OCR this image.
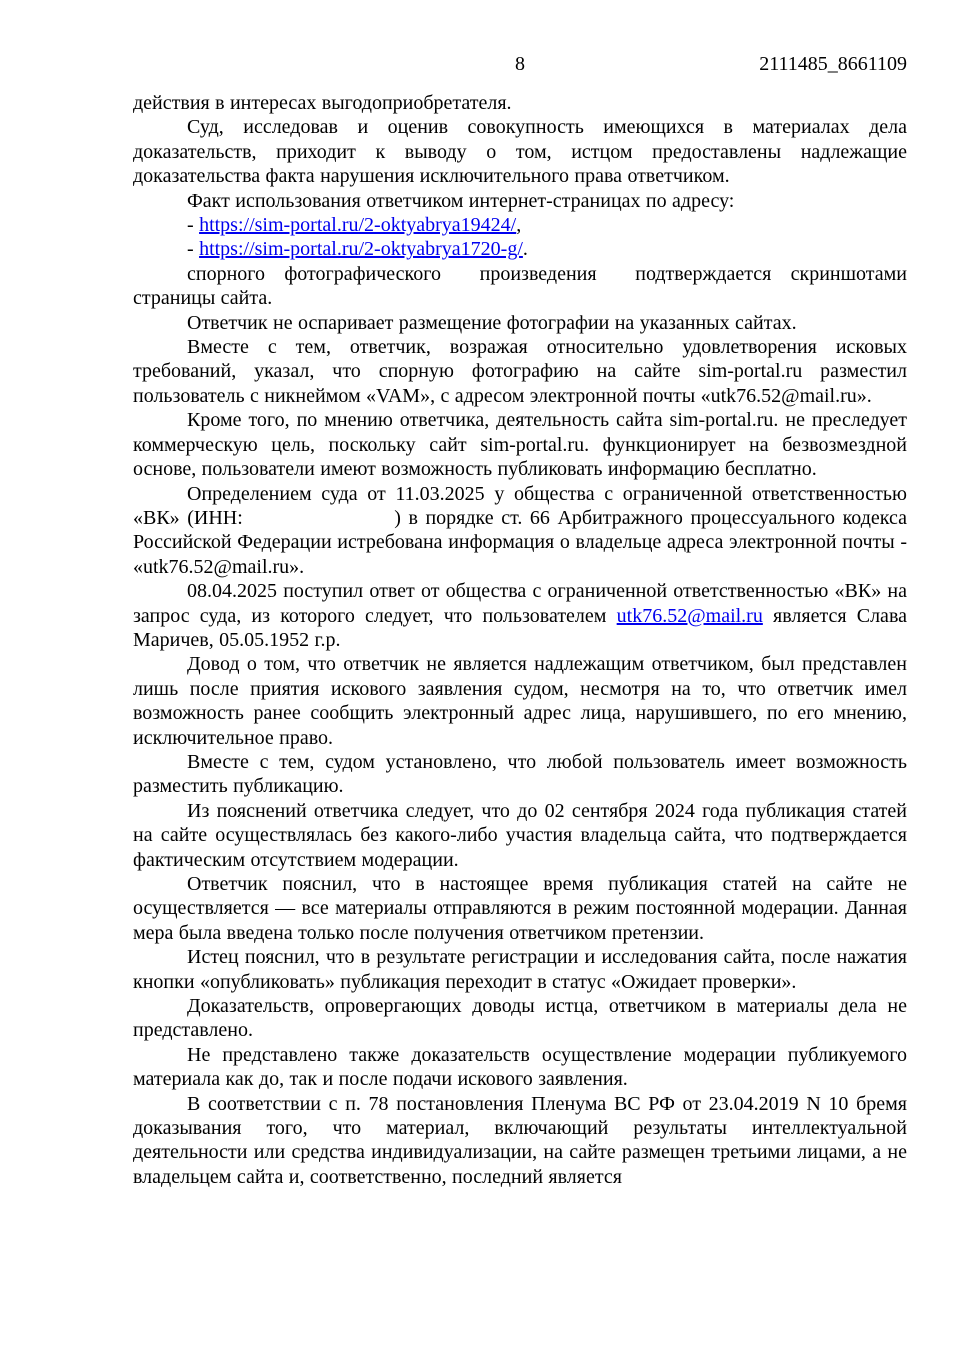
8	2111485_8661109

действия в интересах выгодоприобретателя.

Суд, исследовав и оценив совокупность имеющихся в материалах дела доказательств, приходит к выводу о том, истцом предоставлены надлежащие доказательства факта нарушения исключительного права ответчиком.

Факт использования ответчиком интернет-страницах по адресу:

- https://sim-portal.ru/2-oktyabrya19424/,

- https://sim-portal.ru/2-oktyabrya1720-g/.

спорного фотографического  произведения  подтверждается скриншотами страницы сайта.

Ответчик не оспаривает размещение фотографии на указанных сайтах.

Вместе с тем, ответчик, возражая относительно удовлетворения исковых требований, указал, что спорную фотографию на сайте sim-portal.ru разместил пользователь с никнеймом «VAM», с адресом электронной почты «utk76.52@mail.ru».

Кроме того, по мнению ответчика, деятельность сайта sim-portal.ru. не преследует коммерческую цель, поскольку сайт sim-portal.ru. функционирует на безвозмездной основе, пользователи имеют возможность публиковать информацию бесплатно.

Определением суда от 11.03.2025 у общества с ограниченной ответственностью «ВК» (ИНН:                    ) в порядке ст. 66 Арбитражного процессуального кодекса Российской Федерации истребована информация о владельце адреса электронной почты - «utk76.52@mail.ru».

08.04.2025 поступил ответ от общества с ограниченной ответственностью «ВК» на запрос суда, из которого следует, что пользователем utk76.52@mail.ru является Слава Маричев, 05.05.1952 г.р.

Довод о том, что ответчик не является надлежащим ответчиком, был представлен лишь после приятия искового заявления судом, несмотря на то, что ответчик имел возможность ранее сообщить электронный адрес лица, нарушившего, по его мнению, исключительное право.

Вместе с тем, судом установлено, что любой пользователь имеет возможность разместить публикацию.

Из пояснений ответчика следует, что до 02 сентября 2024 года публикация статей на сайте осуществлялась без какого-либо участия владельца сайта, что подтверждается фактическим отсутствием модерации.

Ответчик пояснил, что в настоящее время публикация статей на сайте не осуществляется — все материалы отправляются в режим постоянной модерации. Данная мера была введена только после получения ответчиком претензии.

Истец пояснил, что в результате регистрации и исследования сайта, после нажатия кнопки «опубликовать» публикация переходит в статус «Ожидает проверки».

Доказательств, опровергающих доводы истца, ответчиком в материалы дела не представлено.

Не представлено также доказательств осуществление модерации публикуемого материала как до, так и после подачи искового заявления.

В соответствии с п. 78 постановления Пленума ВС РФ от 23.04.2019 N 10 бремя доказывания того, что материал, включающий результаты интеллектуальной деятельности или средства индивидуализации, на сайте размещен третьими лицами, а не владельцем сайта и, соответственно, последний является
